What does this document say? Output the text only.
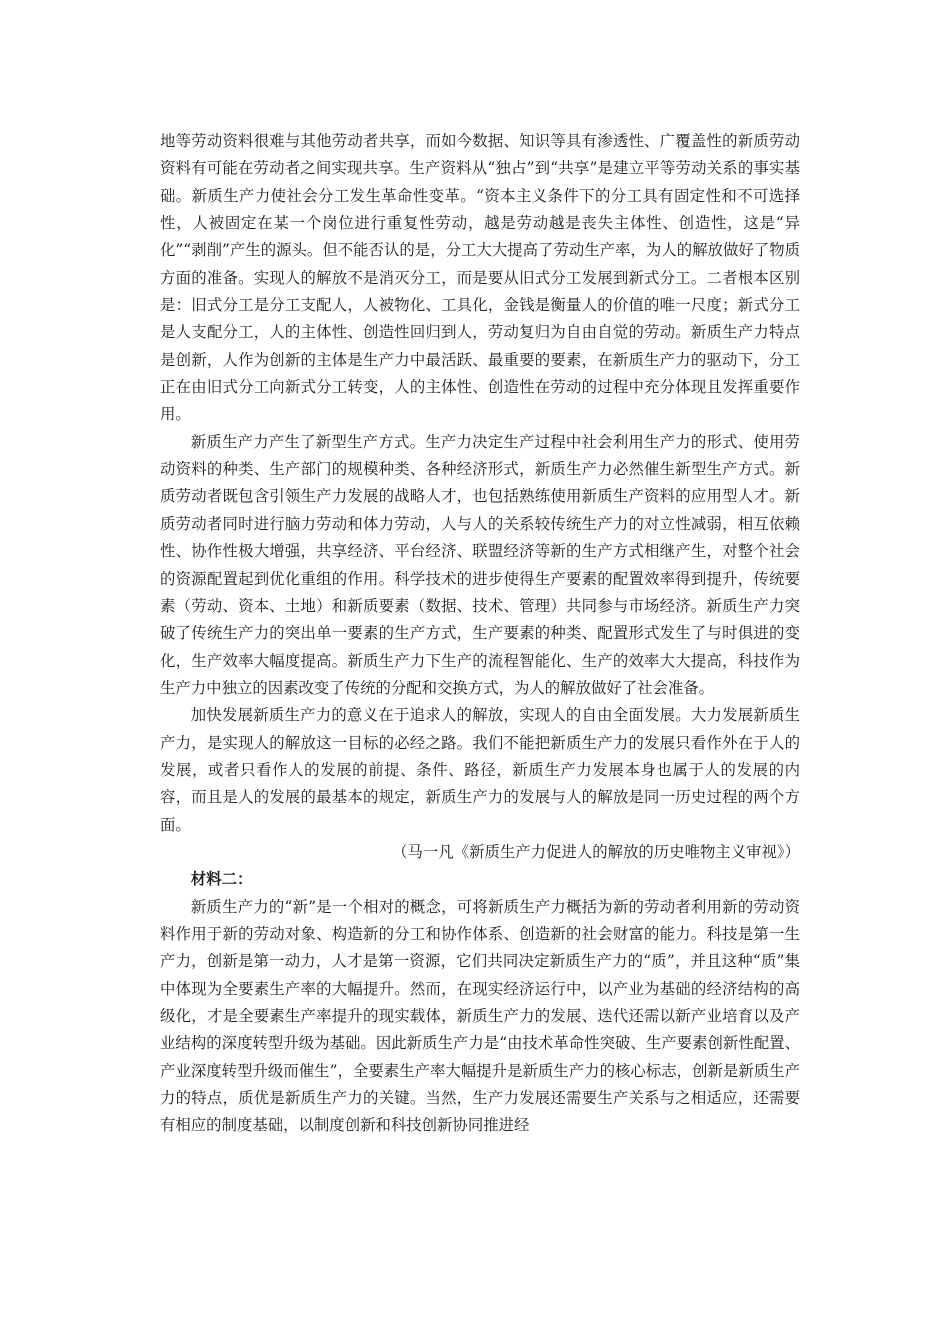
地等劳动资料很难与其他劳动者共享，而如今数据、知识等具有渗透性、广覆盖性的新质劳动资料有可能在劳动者之间实现共享。生产资料从“独占”到“共享”是建立平等劳动关系的事实基础。新质生产力使社会分工发生革命性变革。“资本主义条件下的分工具有固定性和不可选择性，人被固定在某一个岗位进行重复性劳动，越是劳动越是丧失主体性、创造性，这是“异化”“剥削”产生的源头。但不能否认的是，分工大大提高了劳动生产率，为人的解放做好了物质方面的准备。实现人的解放不是消灭分工，而是要从旧式分工发展到新式分工。二者根本区别是：旧式分工是分工支配人，人被物化、工具化，金钱是衡量人的价值的唯一尺度；新式分工是人支配分工，人的主体性、创造性回归到人，劳动复归为自由自觉的劳动。新质生产力特点是创新，人作为创新的主体是生产力中最活跃、最重要的要素，在新质生产力的驱动下，分工正在由旧式分工向新式分工转变，人的主体性、创造性在劳动的过程中充分体现且发挥重要作用。

新质生产力产生了新型生产方式。生产力决定生产过程中社会利用生产力的形式、使用劳动资料的种类、生产部门的规模种类、各种经济形式，新质生产力必然催生新型生产方式。新质劳动者既包含引领生产力发展的战略人才，也包括熟练使用新质生产资料的应用型人才。新质劳动者同时进行脑力劳动和体力劳动，人与人的关系较传统生产力的对立性减弱，相互依赖性、协作性极大增强，共享经济、平台经济、联盟经济等新的生产方式相继产生，对整个社会的资源配置起到优化重组的作用。科学技术的进步使得生产要素的配置效率得到提升，传统要素（劳动、资本、土地）和新质要素（数据、技术、管理）共同参与市场经济。新质生产力突破了传统生产力的突出单一要素的生产方式，生产要素的种类、配置形式发生了与时俱进的变化，生产效率大幅度提高。新质生产力下生产的流程智能化、生产的效率大大提高，科技作为生产力中独立的因素改变了传统的分配和交换方式，为人的解放做好了社会准备。

加快发展新质生产力的意义在于追求人的解放，实现人的自由全面发展。大力发展新质生产力，是实现人的解放这一目标的必经之路。我们不能把新质生产力的发展只看作外在于人的发展，或者只看作人的发展的前提、条件、路径，新质生产力发展本身也属于人的发展的内容，而且是人的发展的最基本的规定，新质生产力的发展与人的解放是同一历史过程的两个方面。

（马一凡《新质生产力促进人的解放的历史唯物主义审视》）

材料二：

新质生产力的“新”是一个相对的概念，可将新质生产力概括为新的劳动者利用新的劳动资料作用于新的劳动对象、构造新的分工和协作体系、创造新的社会财富的能力。科技是第一生产力，创新是第一动力，人才是第一资源，它们共同决定新质生产力的“质”，并且这种“质”集中体现为全要素生产率的大幅提升。然而，在现实经济运行中，以产业为基础的经济结构的高级化，才是全要素生产率提升的现实载体，新质生产力的发展、迭代还需以新产业培育以及产业结构的深度转型升级为基础。因此新质生产力是“由技术革命性突破、生产要素创新性配置、产业深度转型升级而催生”，全要素生产率大幅提升是新质生产力的核心标志，创新是新质生产力的特点，质优是新质生产力的关键。当然，生产力发展还需要生产关系与之相适应，还需要有相应的制度基础，以制度创新和科技创新协同推进经
